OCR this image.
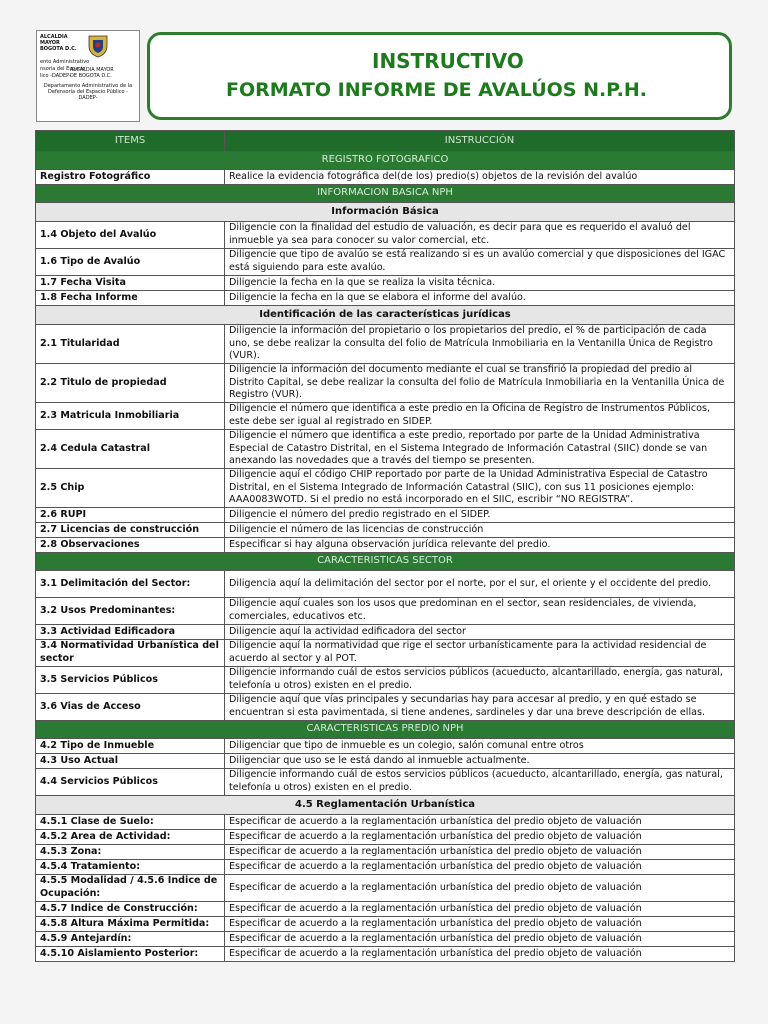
ALCALDIA MAYOR
BOGOTA D.C.
ento Administrativo
nsoria del Espacio
lico -DADEP-
ALCALDIA MAYOR
DE BOGOTA D.C.
Departamento Administrativo de la Defensoría del Espacio Público -DADEP-
INSTRUCTIVO
FORMATO INFORME DE AVALÚOS N.P.H.
ITEMS	INSTRUCCIÓN
REGISTRO FOTOGRAFICO	
Registro Fotográfico	Realice la evidencia fotográfica del(de los) predio(s) objetos de la revisión del avalúo
INFORMACION BASICA NPH	
Información Básica	
1.4 Objeto del Avalúo	Diligencie con la finalidad del estudio de valuación, es decir para que es requerido el avaluó del inmueble ya sea para conocer su valor comercial, etc.
1.6 Tipo de Avalúo	Diligencie que tipo de avalúo se está realizando si es un avalúo comercial y que disposiciones del IGAC está siguiendo para este avalúo.
1.7 Fecha Visita	Diligencie la fecha en la que se realiza la visita técnica.
1.8 Fecha Informe	Diligencie la fecha en la que se elabora el informe del avalúo.
Identificación de las características jurídicas	
2.1 Titularidad	Diligencie la información del propietario o los propietarios del predio, el % de participación de cada uno, se debe realizar la consulta del folio de Matrícula Inmobiliaria en la Ventanilla Única de Registro (VUR).
2.2 Titulo de propiedad	Diligencie la información del documento mediante el cual se transfirió la propiedad del predio al Distrito Capital, se debe realizar la consulta del folio de Matrícula Inmobiliaria en la Ventanilla Única de Registro (VUR).
2.3 Matricula Inmobiliaria	Diligencie el número que identifica a este predio en la Oficina de Registro de Instrumentos Públicos, este debe ser igual al registrado en SIDEP.
2.4 Cedula Catastral	Diligencie el número que identifica a este predio, reportado por parte de la Unidad Administrativa Especial de Catastro Distrital, en el Sistema Integrado de Información Catastral (SIIC) donde se van anexando las novedades que a través del tiempo se presenten.
2.5 Chip	Diligencie aquí el código CHIP reportado por parte de la Unidad Administrativa Especial de Catastro Distrital, en el Sistema Integrado de Información Catastral (SIIC), con sus 11 posiciones ejemplo: AAA0083WOTD. Si el predio no está incorporado en el SIIC, escribir “NO REGISTRA”.
2.6 RUPI	Diligencie el número del predio registrado en el SIDEP.
2.7 Licencias de construcción	Diligencie el número de las licencias de construcción
2.8 Observaciones	Especificar si hay alguna observación jurídica relevante del predio.
CARACTERISTICAS SECTOR	
3.1 Delimitación del Sector:	Diligencia aquí la delimitación del sector por el norte, por el sur, el oriente y el occidente del predio.
3.2 Usos Predominantes:	Diligencie aquí cuales son los usos que predominan en el sector, sean residenciales, de vivienda, comerciales, educativos etc.
3.3 Actividad Edificadora	Diligencie aquí la actividad edificadora del sector
3.4 Normatividad Urbanística del sector	Diligencie aquí la normatividad que rige el sector urbanísticamente para la actividad residencial de acuerdo al sector y al POT.
3.5 Servicios Públicos	Diligencie informando cuál de estos servicios públicos (acueducto, alcantarillado, energía, gas natural, telefonía u otros) existen en el predio.
3.6 Vias de Acceso	Diligencie aquí que vías principales y secundarias hay para accesar al predio, y en qué estado se encuentran si esta pavimentada, si tiene andenes, sardineles y dar una breve descripción de ellas.
CARACTERISTICAS PREDIO NPH	
4.2 Tipo de Inmueble	Diligenciar que tipo de inmueble es un colegio, salón comunal entre otros
4.3 Uso Actual	Diligenciar que uso se le está dando al inmueble actualmente.
4.4 Servicios Públicos	Diligencie informando cuál de estos servicios públicos (acueducto, alcantarillado, energía, gas natural, telefonía u otros) existen en el predio.
4.5 Reglamentación Urbanística	
4.5.1 Clase de Suelo:	Especificar de acuerdo a la reglamentación urbanística del predio objeto de valuación
4.5.2 Area de Actividad:	Especificar de acuerdo a la reglamentación urbanística del predio objeto de valuación
4.5.3 Zona:	Especificar de acuerdo a la reglamentación urbanística del predio objeto de valuación
4.5.4 Tratamiento:	Especificar de acuerdo a la reglamentación urbanística del predio objeto de valuación
4.5.5 Modalidad / 4.5.6 Indice de Ocupación:	Especificar de acuerdo a la reglamentación urbanística del predio objeto de valuación
4.5.7 Indice de Construcción:	Especificar de acuerdo a la reglamentación urbanística del predio objeto de valuación
4.5.8 Altura Máxima Permitida:	Especificar de acuerdo a la reglamentación urbanística del predio objeto de valuación
4.5.9 Antejardín:	Especificar de acuerdo a la reglamentación urbanística del predio objeto de valuación
4.5.10 Aislamiento Posterior:	Especificar de acuerdo a la reglamentación urbanística del predio objeto de valuación
